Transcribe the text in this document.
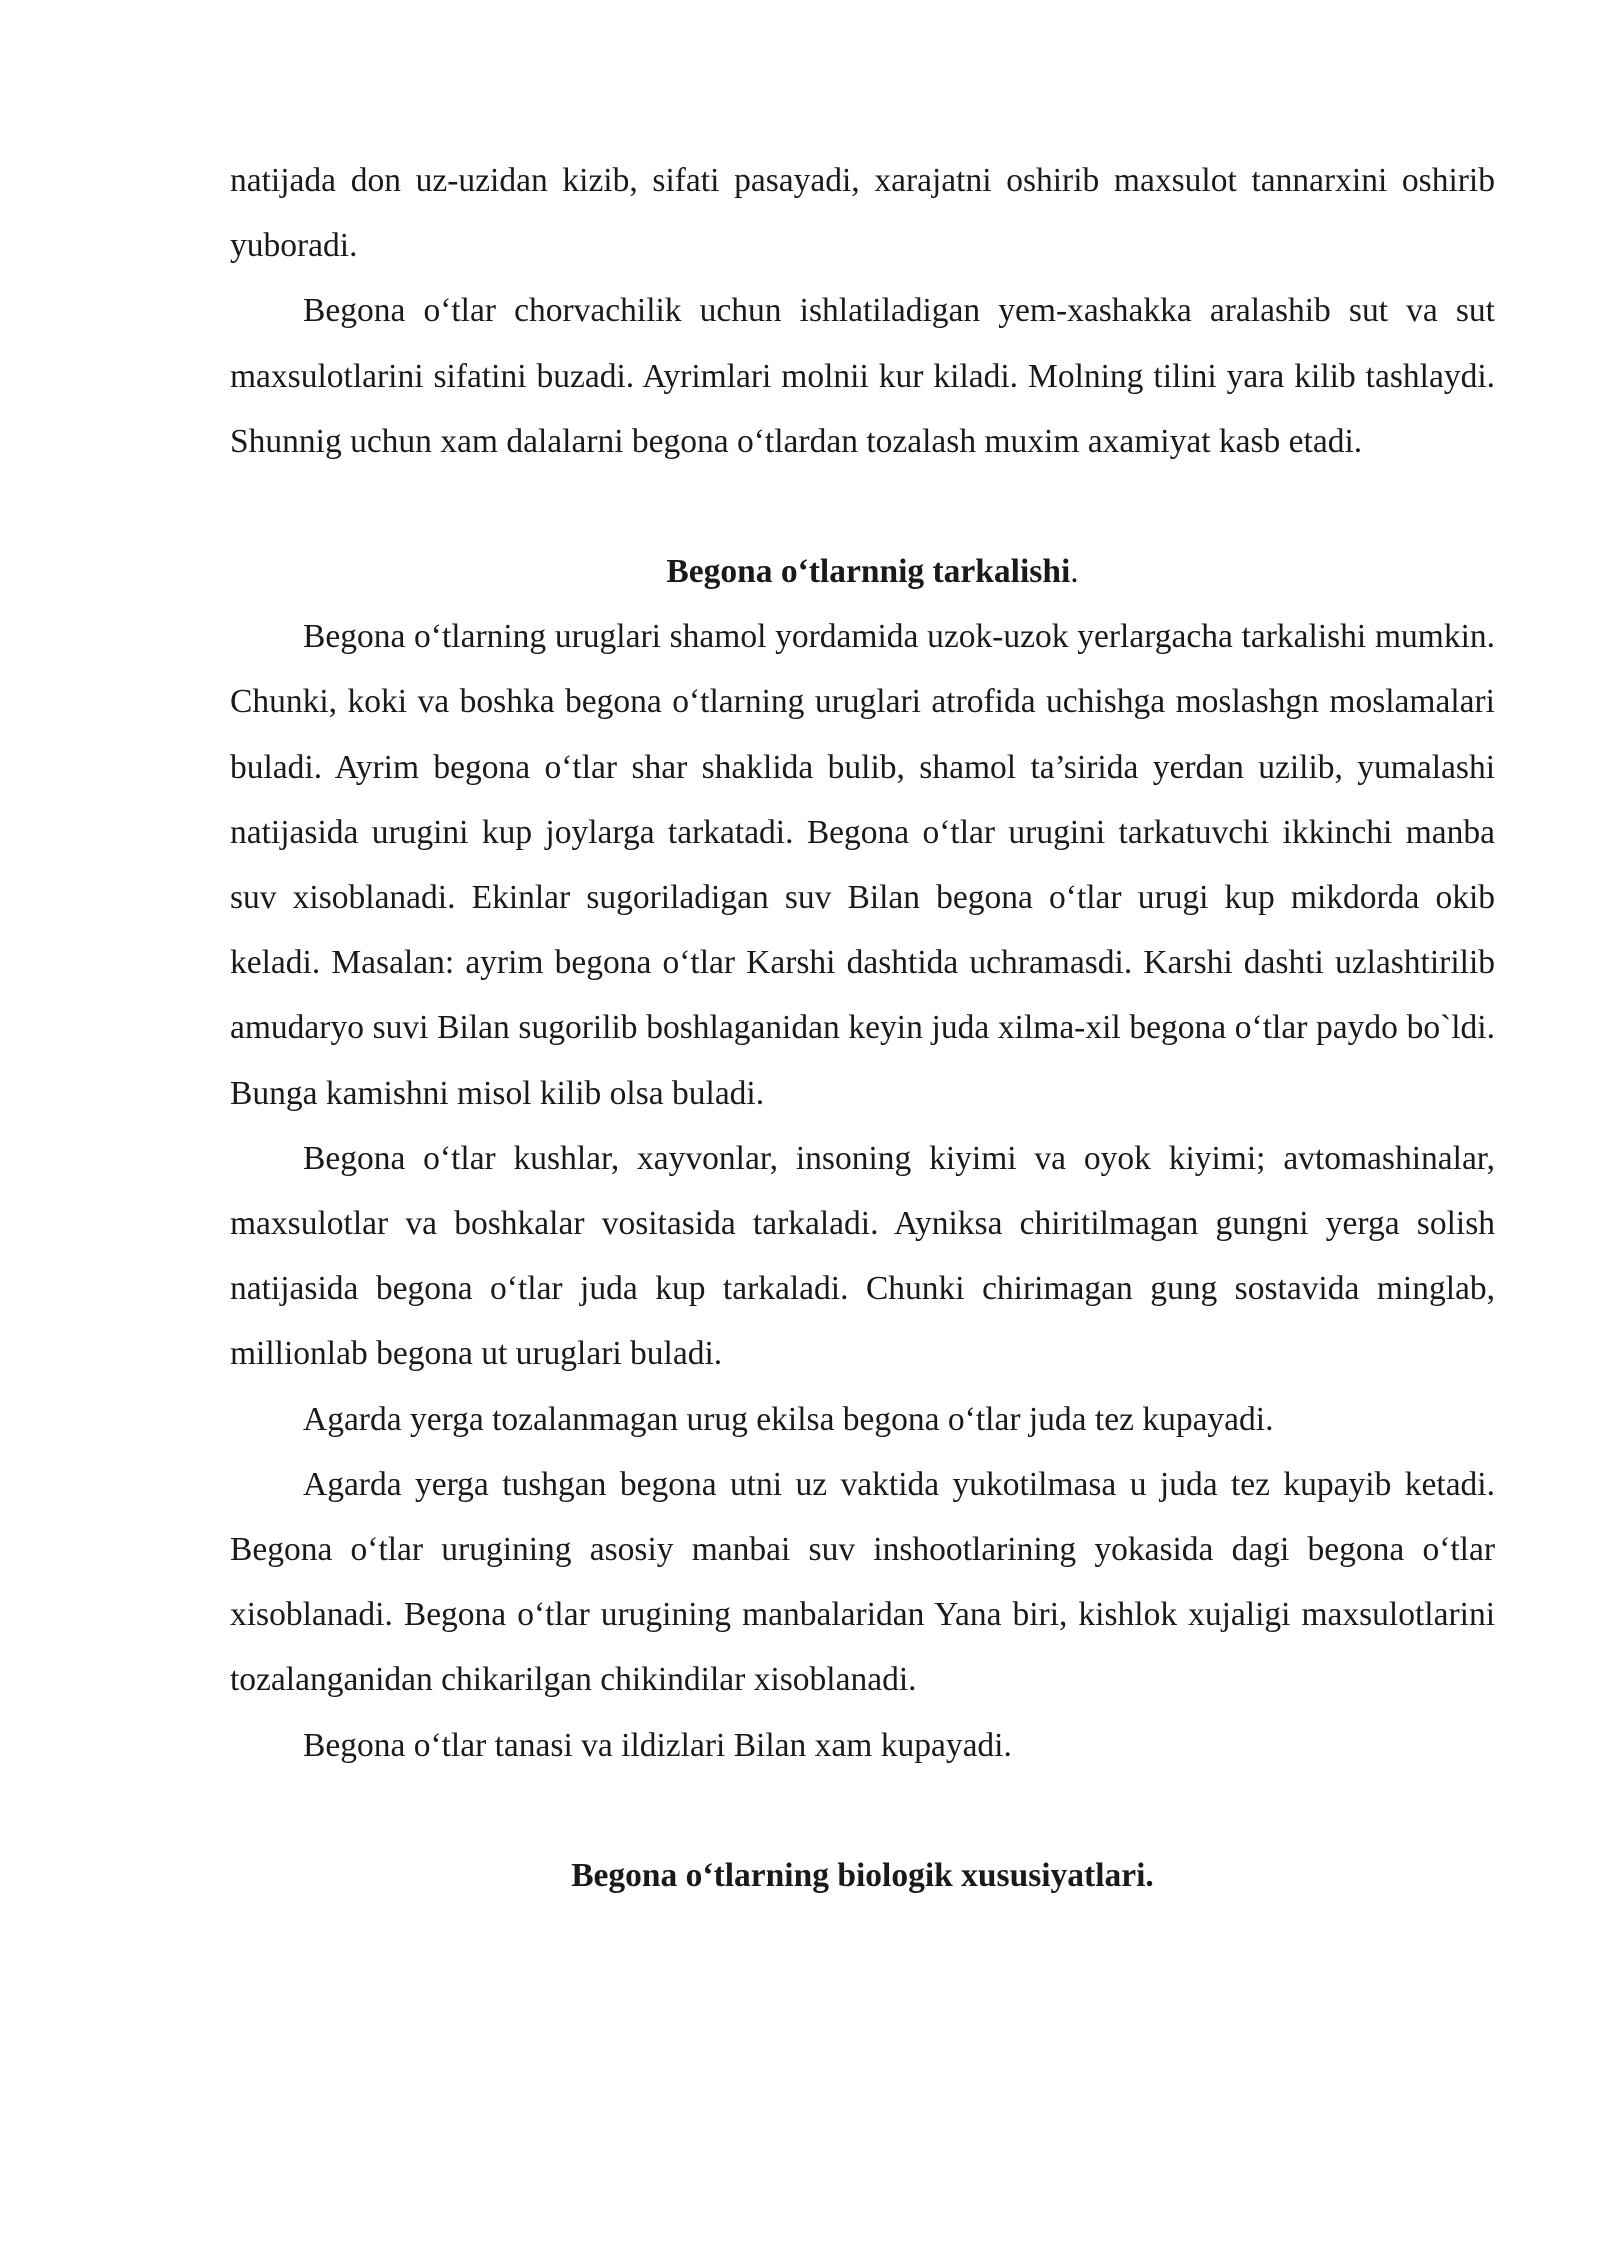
natijada don uz-uzidan kizib, sifati pasayadi, xarajatni oshirib maxsulot tannarxini oshirib yuboradi.

Begona o‘tlar chorvachilik uchun ishlatiladigan yem-xashakka aralashib sut va sut maxsulotlarini sifatini buzadi. Ayrimlari molnii kur kiladi. Molning tilini yara kilib tashlaydi. Shunnig uchun xam dalalarni begona o‘tlardan tozalash muxim axamiyat kasb etadi.

Begona o‘tlarnnig tarkalishi.

Begona o‘tlarning uruglari shamol yordamida uzok-uzok yerlargacha tarkalishi mumkin. Chunki, koki va boshka begona o‘tlarning uruglari atrofida uchishga moslashgn moslamalari buladi. Ayrim begona o‘tlar shar shaklida bulib, shamol ta’sirida yerdan uzilib, yumalashi natijasida urugini kup joylarga tarkatadi. Begona o‘tlar urugini tarkatuvchi ikkinchi manba suv xisoblanadi. Ekinlar sugoriladigan suv Bilan begona o‘tlar urugi kup mikdorda okib keladi. Masalan: ayrim begona o‘tlar Karshi dashtida uchramasdi. Karshi dashti uzlashtirilib amudaryo suvi Bilan sugorilib boshlaganidan keyin juda xilma-xil begona o‘tlar paydo bo`ldi. Bunga kamishni misol kilib olsa buladi.

Begona o‘tlar kushlar, xayvonlar, insoning kiyimi va oyok kiyimi; avtomashinalar, maxsulotlar va boshkalar vositasida tarkaladi. Ayniksa chiritilmagan gungni yerga solish natijasida begona o‘tlar juda kup tarkaladi. Chunki chirimagan gung sostavida minglab, millionlab begona ut uruglari buladi.

Agarda yerga tozalanmagan urug ekilsa begona o‘tlar juda tez kupayadi.

Agarda yerga tushgan begona utni uz vaktida yukotilmasa u juda tez kupayib ketadi. Begona o‘tlar urugining asosiy manbai suv inshootlarining yokasida dagi begona o‘tlar xisoblanadi. Begona o‘tlar urugining manbalaridan Yana biri, kishlok xujaligi maxsulotlarini tozalanganidan chikarilgan chikindilar xisoblanadi.

Begona o‘tlar tanasi va ildizlari Bilan xam kupayadi.

Begona o‘tlarning biologik xususiyatlari.
